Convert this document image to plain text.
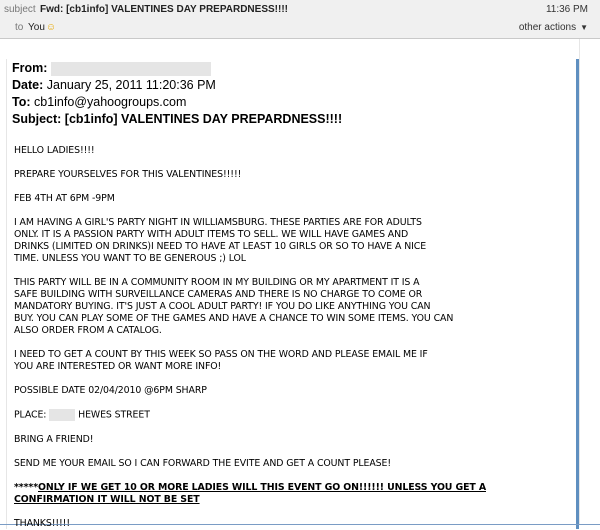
subject Fwd: [cb1info] VALENTINES DAY PREPARDNESS!!!!	11:36 PM
to You☺	other actions ▼
From:
Date: January 25, 2011 11:20:36 PM
To: cb1info@yahoogroups.com
Subject: [cb1info] VALENTINES DAY PREPARDNESS!!!!

HELLO LADIES!!!!

PREPARE YOURSELVES FOR THIS VALENTINES!!!!!

FEB 4TH AT 6PM -9PM

I AM HAVING A GIRL'S PARTY NIGHT IN WILLIAMSBURG. THESE PARTIES ARE FOR ADULTS
ONLY. IT IS A PASSION PARTY WITH ADULT ITEMS TO SELL. WE WILL HAVE GAMES AND
DRINKS (LIMITED ON DRINKS)I NEED TO HAVE AT LEAST 10 GIRLS OR SO TO HAVE A NICE
TIME. UNLESS YOU WANT TO BE GENEROUS ;) LOL

THIS PARTY WILL BE IN A COMMUNITY ROOM IN MY BUILDING OR MY APARTMENT IT IS A
SAFE BUILDING WITH SURVEILLANCE CAMERAS AND THERE IS NO CHARGE TO COME OR
MANDATORY BUYING. IT'S JUST A COOL ADULT PARTY! IF YOU DO LIKE ANYTHING YOU CAN
BUY. YOU CAN PLAY SOME OF THE GAMES AND HAVE A CHANCE TO WIN SOME ITEMS. YOU CAN
ALSO ORDER FROM A CATALOG.

I NEED TO GET A COUNT BY THIS WEEK SO PASS ON THE WORD AND PLEASE EMAIL ME IF
YOU ARE INTERESTED OR WANT MORE INFO!

POSSIBLE DATE 02/04/2010 @6PM SHARP

PLACE:	HEWES STREET

BRING A FRIEND!

SEND ME YOUR EMAIL SO I CAN FORWARD THE EVITE AND GET A COUNT PLEASE!

*****ONLY IF WE GET 10 OR MORE LADIES WILL THIS EVENT GO ON!!!!!! UNLESS YOU GET A
CONFIRMATION IT WILL NOT BE SET

THANKS!!!!!
